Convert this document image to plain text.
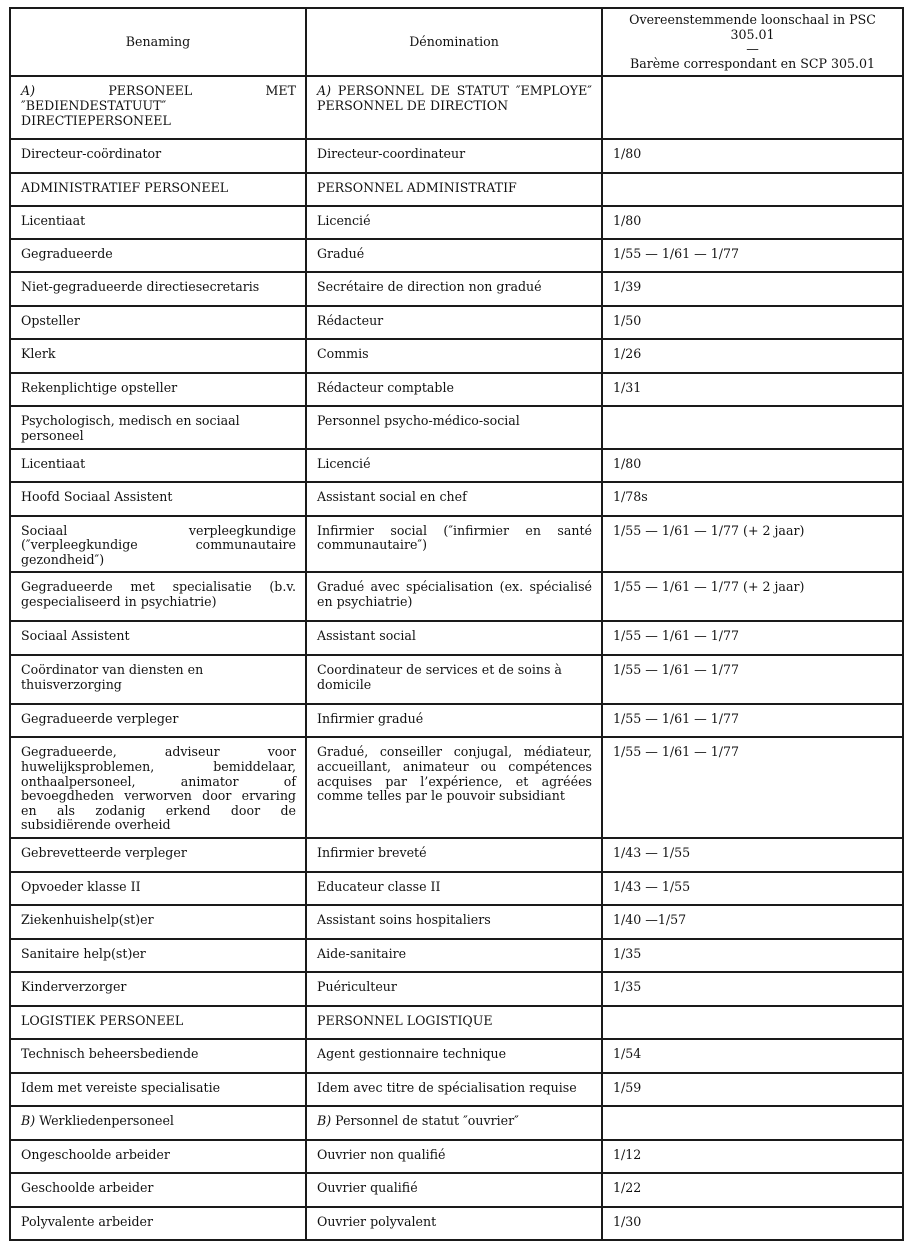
Benaming	Dénomination	Overeenstemmende loonschaal in PSC 305.01
—
Barème correspondant en SCP 305.01

A) PERSONEEL MET ″BEDIENDESTATUUT″ DIRECTIEPERSONEEL	A) PERSONNEL DE STATUT ″EMPLOYE″ PERSONNEL DE DIRECTION	
Directeur-coördinator	Directeur-coordinateur	1/80
ADMINISTRATIEF PERSONEEL	PERSONNEL ADMINISTRATIF	
Licentiaat	Licencié	1/80
Gegradueerde	Gradué	1/55 — 1/61 — 1/77
Niet-gegradueerde directiesecretaris	Secrétaire de direction non gradué	1/39
Opsteller	Rédacteur	1/50
Klerk	Commis	1/26
Rekenplichtige opsteller	Rédacteur comptable	1/31
Psychologisch, medisch en sociaal personeel	Personnel psycho-médico-social	
Licentiaat	Licencié	1/80
Hoofd Sociaal Assistent	Assistant social en chef	1/78s
Sociaal verpleegkundige (″verpleegkundige communautaire gezondheid″)	Infirmier social (″infirmier en santé communautaire″)	1/55 — 1/61 — 1/77 (+ 2 jaar)
Gegradueerde met specialisatie (b.v. gespecialiseerd in psychiatrie)	Gradué avec spécialisation (ex. spécialisé en psychiatrie)	1/55 — 1/61 — 1/77 (+ 2 jaar)
Sociaal Assistent	Assistant social	1/55 — 1/61 — 1/77
Coördinator van diensten en thuisverzorging	Coordinateur de services et de soins à domicile	1/55 — 1/61 — 1/77
Gegradueerde verpleger	Infirmier gradué	1/55 — 1/61 — 1/77
Gegradueerde, adviseur voor huwelijksproblemen, bemiddelaar, onthaalpersoneel, animator of bevoegdheden verworven door ervaring en als zodanig erkend door de subsidiërende overheid	Gradué, conseiller conjugal, médiateur, accueillant, animateur ou compétences acquises par l’expérience, et agréées comme telles par le pouvoir subsidiant	1/55 — 1/61 — 1/77
Gebrevetteerde verpleger	Infirmier breveté	1/43 — 1/55
Opvoeder klasse II	Educateur classe II	1/43 — 1/55
Ziekenhuishelp(st)er	Assistant soins hospitaliers	1/40 —1/57
Sanitaire help(st)er	Aide-sanitaire	1/35
Kinderverzorger	Puériculteur	1/35
LOGISTIEK PERSONEEL	PERSONNEL LOGISTIQUE	
Technisch beheersbediende	Agent gestionnaire technique	1/54
Idem met vereiste specialisatie	Idem avec titre de spécialisation requise	1/59
B) Werkliedenpersoneel	B) Personnel de statut ″ouvrier″	
Ongeschoolde arbeider	Ouvrier non qualifié	1/12
Geschoolde arbeider	Ouvrier qualifié	1/22
Polyvalente arbeider	Ouvrier polyvalent	1/30
